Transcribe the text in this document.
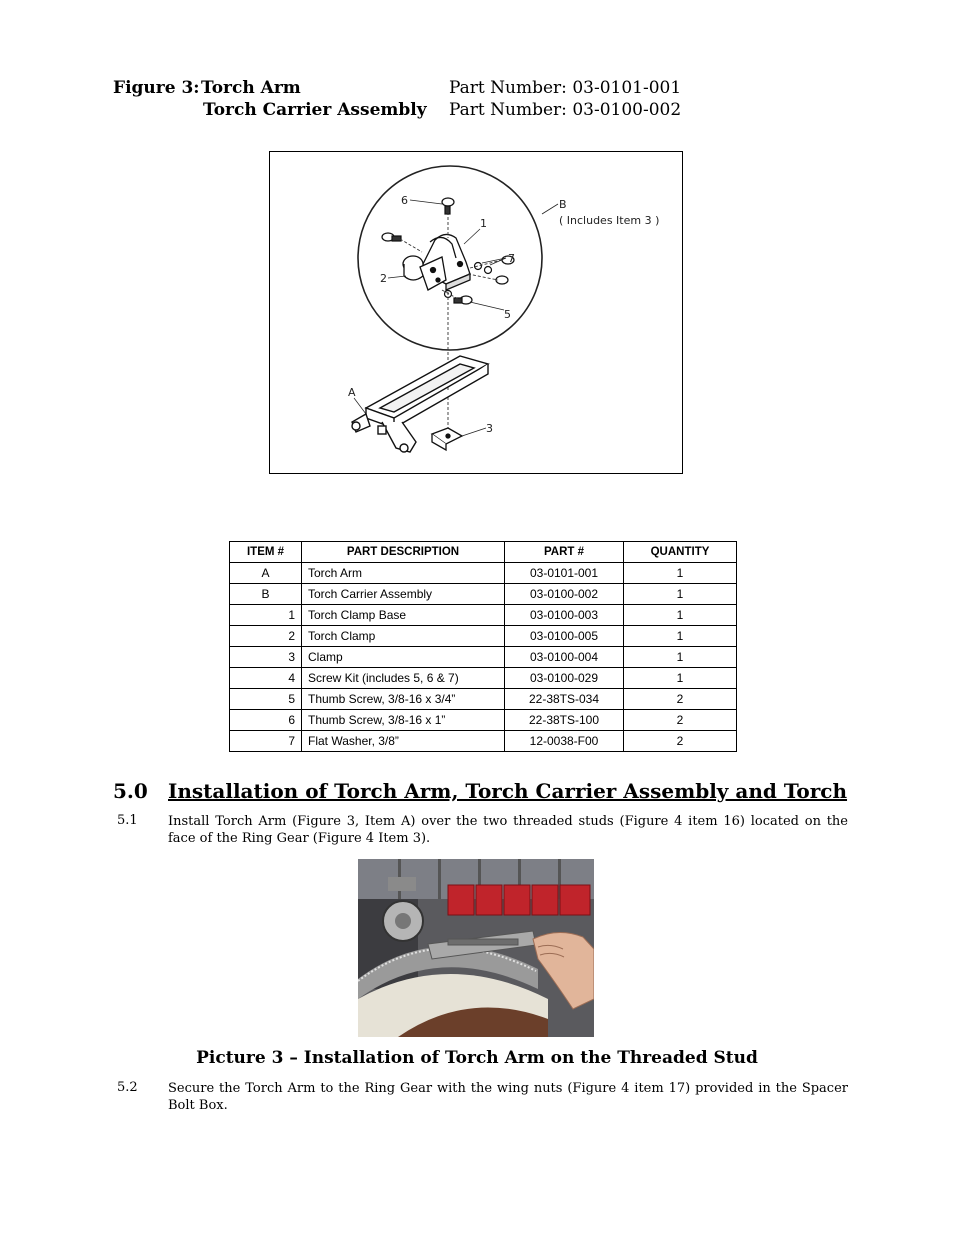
Figure 3: Torch Arm	Part Number: 03-0101-001
Torch Carrier Assembly Part Number: 03-0100-002
6
1
B
( Includes Item 3 )
7
2
5
A
3
ITEM #	PART DESCRIPTION	PART #	QUANTITY
A	Torch Arm	03-0101-001	1
B	Torch Carrier Assembly	03-0100-002	1
1	Torch Clamp Base	03-0100-003	1
2	Torch Clamp	03-0100-005	1
3	Clamp	03-0100-004	1
4	Screw Kit (includes 5, 6 & 7)	03-0100-029	1
5	Thumb Screw, 3/8-16 x 3/4”	22-38TS-034	2
6	Thumb Screw, 3/8-16 x 1”	22-38TS-100	2
7	Flat Washer, 3/8”	12-0038-F00	2
5.0 Installation of Torch Arm, Torch Carrier Assembly and Torch
5.1 Install Torch Arm (Figure 3, Item A) over the two threaded studs (Figure 4 item 16) located on the face of the Ring Gear (Figure 4 Item 3).
Picture 3 – Installation of Torch Arm on the Threaded Stud
5.2 Secure the Torch Arm to the Ring Gear with the wing nuts (Figure 4 item 17) provided in the Spacer Bolt Box.
